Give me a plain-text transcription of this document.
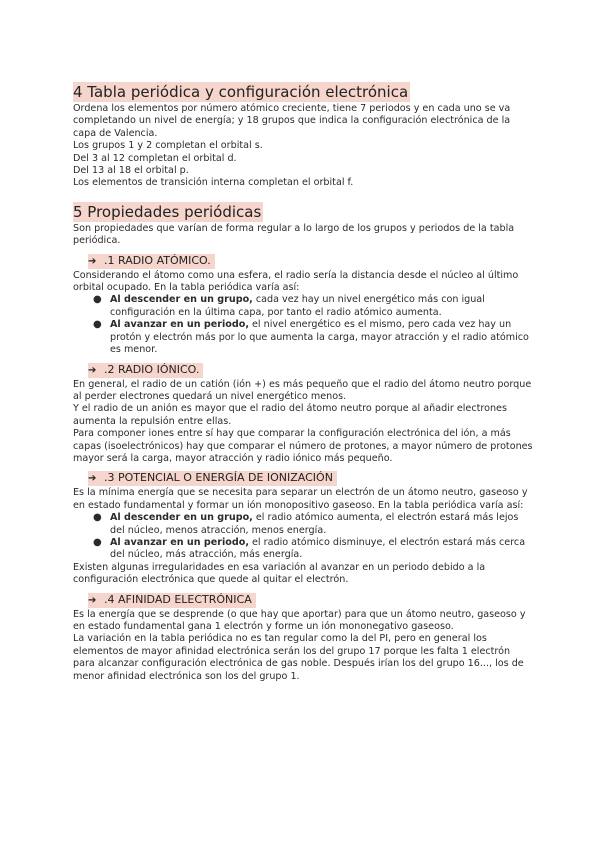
4 Tabla periódica y configuración electrónica

Ordena los elementos por número atómico creciente, tiene 7 periodos y en cada uno se va completando un nivel de energía; y 18 grupos que indica la configuración electrónica de la capa de Valencia.

Los grupos 1 y 2 completan el orbital s.

Del 3 al 12 completan el orbital d.

Del 13 al 18 el orbital p.

Los elementos de transición interna completan el orbital f.

5 Propiedades periódicas

Son propiedades que varían de forma regular a lo largo de los grupos y periodos de la tabla periódica.

➔ .1 RADIO ATÓMICO.

Considerando el átomo como una esfera, el radio sería la distancia desde el núcleo al último orbital ocupado. En la tabla periódica varía así:

● Al descender en un grupo, cada vez hay un nivel energético más con igual configuración en la última capa, por tanto el radio atómico aumenta.
● Al avanzar en un periodo, el nivel energético es el mismo, pero cada vez hay un protón y electrón más por lo que aumenta la carga, mayor atracción y el radio atómico es menor.
➔ .2 RADIO IÓNICO.

En general, el radio de un catión (ión +) es más pequeño que el radio del átomo neutro porque al perder electrones quedará un nivel energético menos.

Y el radio de un anión es mayor que el radio del átomo neutro porque al añadir electrones aumenta la repulsión entre ellas.

Para componer iones entre sí hay que comparar la configuración electrónica del ión, a más capas (isoelectrónicos) hay que comparar el número de protones, a mayor número de protones mayor será la carga, mayor atracción y radio iónico más pequeño.

➔ .3 POTENCIAL O ENERGÍA DE IONIZACIÓN

Es la mínima energía que se necesita para separar un electrón de un átomo neutro, gaseoso y en estado fundamental y formar un ión monopositivo gaseoso. En la tabla periódica varía así:

● Al descender en un grupo, el radio atómico aumenta, el electrón estará más lejos del núcleo, menos atracción, menos energía.
● Al avanzar en un periodo, el radio atómico disminuye, el electrón estará más cerca del núcleo, más atracción, más energía.

Existen algunas irregularidades en esa variación al avanzar en un periodo debido a la configuración electrónica que quede al quitar el electrón.

➔ .4 AFINIDAD ELECTRÓNICA

Es la energía que se desprende (o que hay que aportar) para que un átomo neutro, gaseoso y en estado fundamental gana 1 electrón y forme un ión mononegativo gaseoso.

La variación en la tabla periódica no es tan regular como la del PI, pero en general los elementos de mayor afinidad electrónica serán los del grupo 17 porque les falta 1 electrón para alcanzar configuración electrónica de gas noble. Después irían los del grupo 16..., los de menor afinidad electrónica son los del grupo 1.
